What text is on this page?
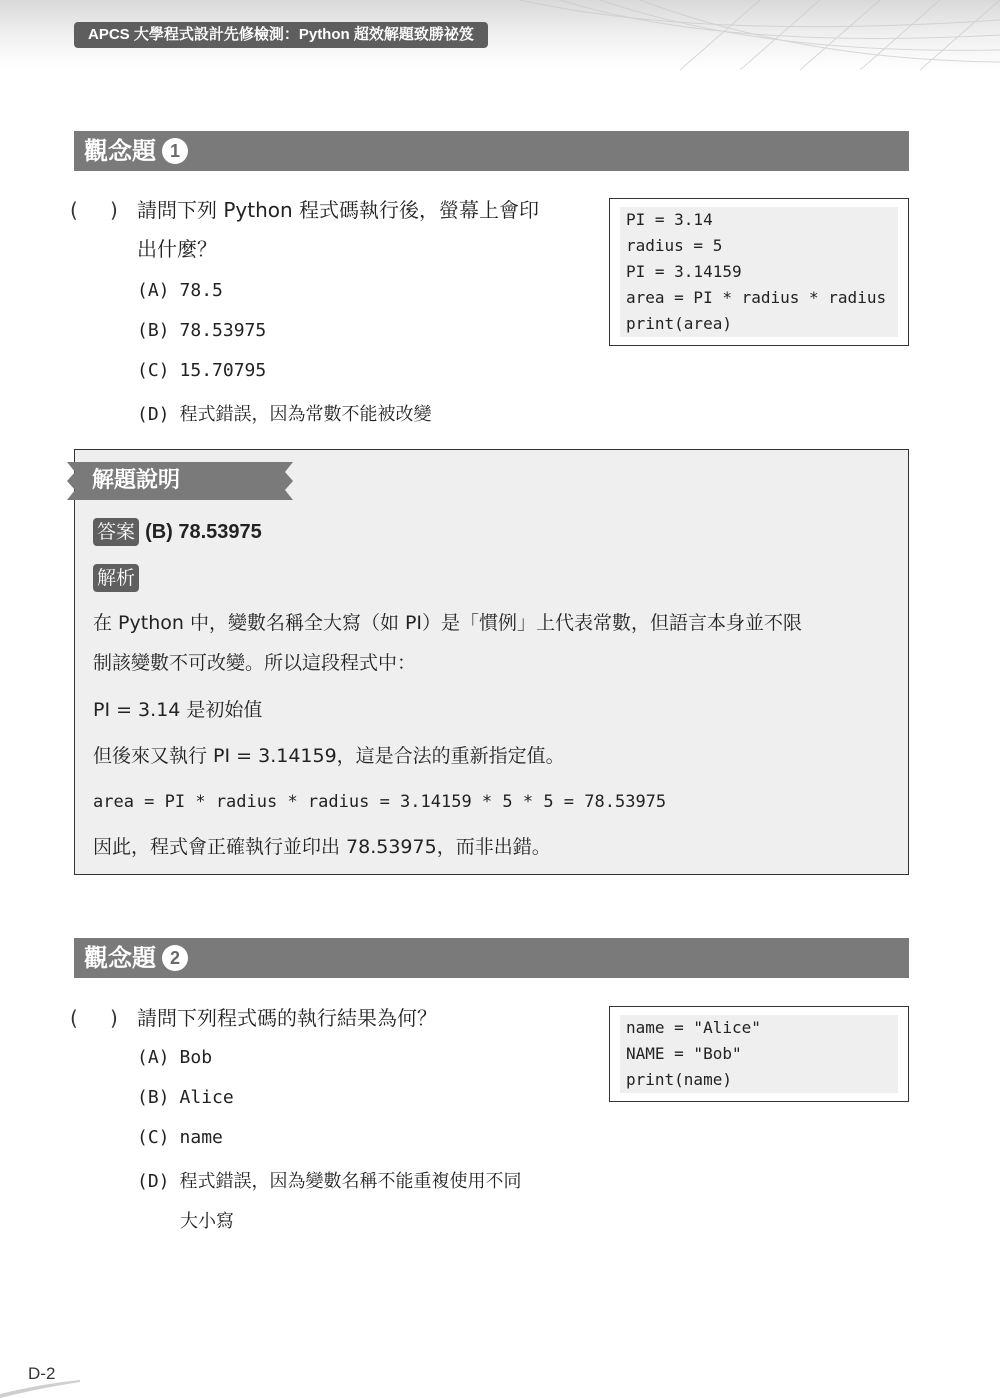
APCS 大學程式設計先修檢測：Python 超效解題致勝祕笈
觀念題 1
( ) 請問下列 Python 程式碼執行後，螢幕上會印
出什麼？
(A) 78.5
(B) 78.53975
(C) 15.70795
(D) 程式錯誤，因為常數不能被改變
PI = 3.14
radius = 5
PI = 3.14159
area = PI * radius * radius
print(area)
解題說明
答案 (B) 78.53975
解析
在 Python 中，變數名稱全大寫（如 PI）是「慣例」上代表常數，但語言本身並不限
制該變數不可改變。所以這段程式中：
PI = 3.14 是初始值
但後來又執行 PI = 3.14159，這是合法的重新指定值。
area = PI * radius * radius = 3.14159 * 5 * 5 = 78.53975
因此，程式會正確執行並印出 78.53975，而非出錯。
觀念題 2
( ) 請問下列程式碼的執行結果為何？
(A) Bob
(B) Alice
(C) name
(D) 程式錯誤，因為變數名稱不能重複使用不同
大小寫
name = "Alice"
NAME = "Bob"
print(name)
D-2
